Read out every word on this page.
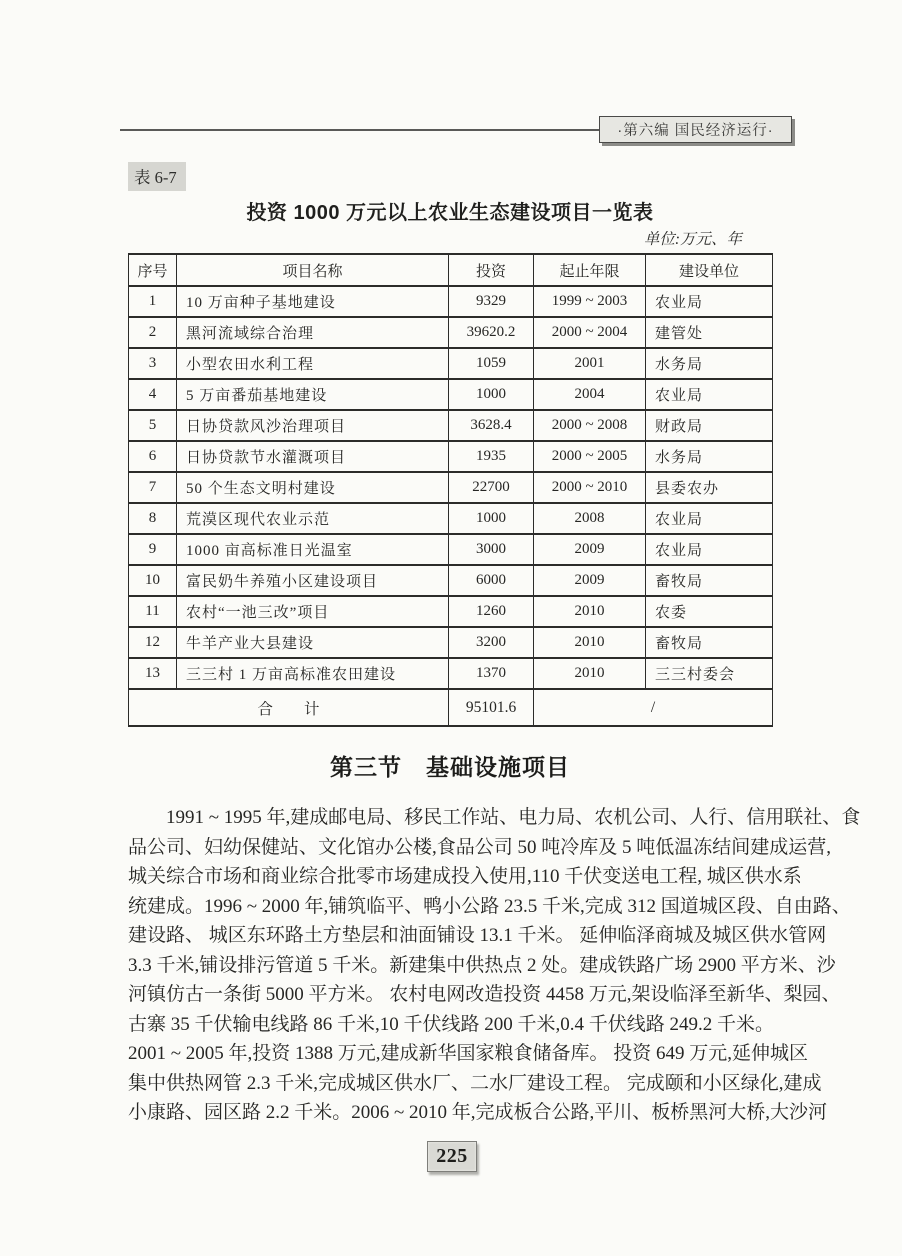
·第六编 国民经济运行·
表 6-7
投资 1000 万元以上农业生态建设项目一览表
单位:万元、年
序号	项目名称	投资	起止年限	建设单位
1	10 万亩种子基地建设	9329	1999 ~ 2003	农业局
2	黑河流域综合治理	39620.2	2000 ~ 2004	建管处
3	小型农田水利工程	1059	2001	水务局
4	5 万亩番茄基地建设	1000	2004	农业局
5	日协贷款风沙治理项目	3628.4	2000 ~ 2008	财政局
6	日协贷款节水灌溉项目	1935	2000 ~ 2005	水务局
7	50 个生态文明村建设	22700	2000 ~ 2010	县委农办
8	荒漠区现代农业示范	1000	2008	农业局
9	1000 亩高标准日光温室	3000	2009	农业局
10	富民奶牛养殖小区建设项目	6000	2009	畜牧局
11	农村“一池三改”项目	1260	2010	农委
12	牛羊产业大县建设	3200	2010	畜牧局
13	三三村 1 万亩高标准农田建设	1370	2010	三三村委会
合　　计		95101.6	/	
第三节　基础设施项目
1991 ~ 1995 年,建成邮电局、移民工作站、电力局、农机公司、人行、信用联社、食
品公司、妇幼保健站、文化馆办公楼,食品公司 50 吨冷库及 5 吨低温冻结间建成运营,
城关综合市场和商业综合批零市场建成投入使用,110 千伏变送电工程, 城区供水系
统建成。1996 ~ 2000 年,铺筑临平、鸭小公路 23.5 千米,完成 312 国道城区段、自由路、
建设路、 城区东环路土方垫层和油面铺设 13.1 千米。 延伸临泽商城及城区供水管网
3.3 千米,铺设排污管道 5 千米。新建集中供热点 2 处。建成铁路广场 2900 平方米、沙
河镇仿古一条街 5000 平方米。 农村电网改造投资 4458 万元,架设临泽至新华、梨园、
古寨 35 千伏输电线路 86 千米,10 千伏线路 200 千米,0.4 千伏线路 249.2 千米。
2001 ~ 2005 年,投资 1388 万元,建成新华国家粮食储备库。 投资 649 万元,延伸城区
集中供热网管 2.3 千米,完成城区供水厂、二水厂建设工程。 完成颐和小区绿化,建成
小康路、园区路 2.2 千米。2006 ~ 2010 年,完成板合公路,平川、板桥黑河大桥,大沙河
225
